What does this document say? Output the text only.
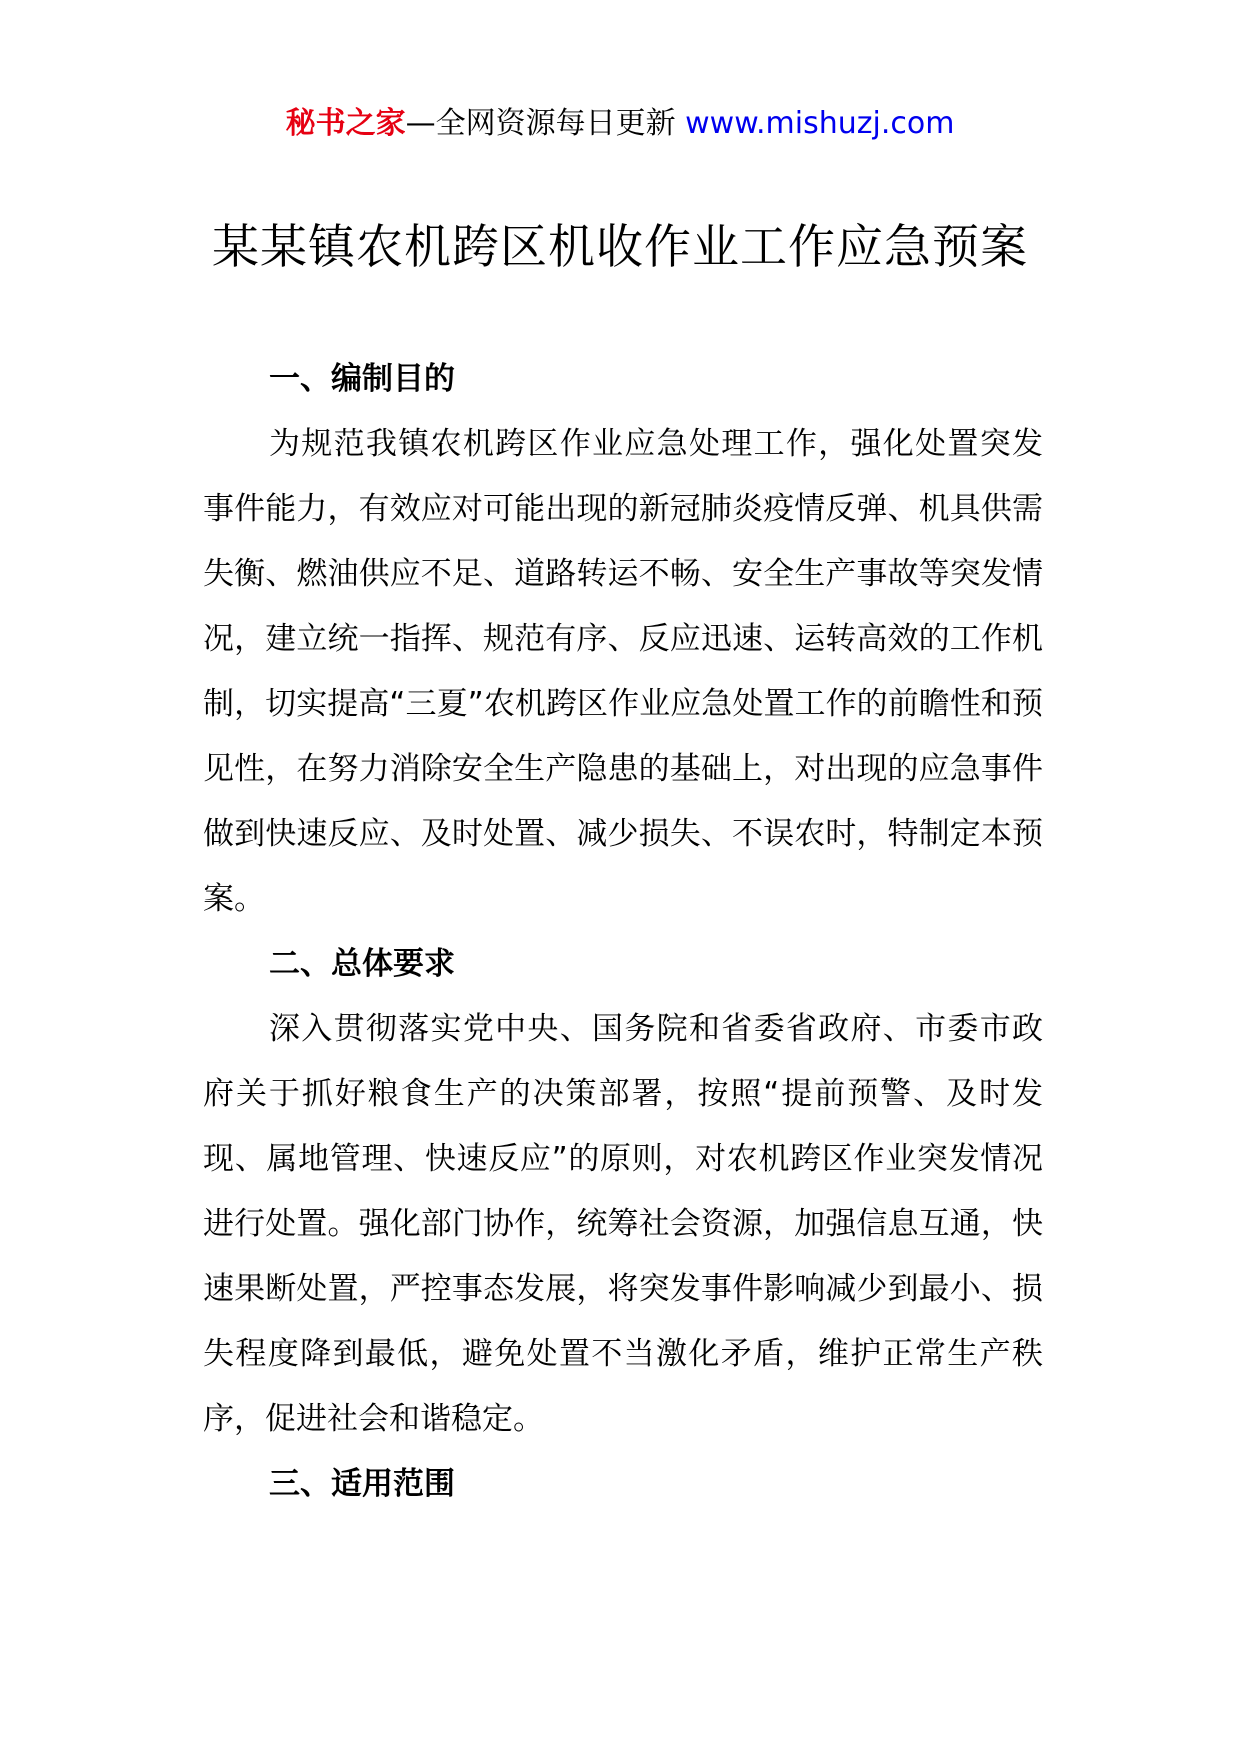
秘书之家—全网资源每日更新 www.mishuzj.com
某某镇农机跨区机收作业工作应急预案

一、编制目的

为规范我镇农机跨区作业应急处理工作，强化处置突发事件能力，有效应对可能出现的新冠肺炎疫情反弹、机具供需失衡、燃油供应不足、道路转运不畅、安全生产事故等突发情况，建立统一指挥、规范有序、反应迅速、运转高效的工作机制，切实提高“三夏”农机跨区作业应急处置工作的前瞻性和预见性，在努力消除安全生产隐患的基础上，对出现的应急事件做到快速反应、及时处置、减少损失、不误农时，特制定本预案。

二、总体要求

深入贯彻落实党中央、国务院和省委省政府、市委市政府关于抓好粮食生产的决策部署，按照“提前预警、及时发现、属地管理、快速反应”的原则，对农机跨区作业突发情况进行处置。强化部门协作，统筹社会资源，加强信息互通，快速果断处置，严控事态发展，将突发事件影响减少到最小、损失程度降到最低，避免处置不当激化矛盾，维护正常生产秩序，促进社会和谐稳定。

三、适用范围
